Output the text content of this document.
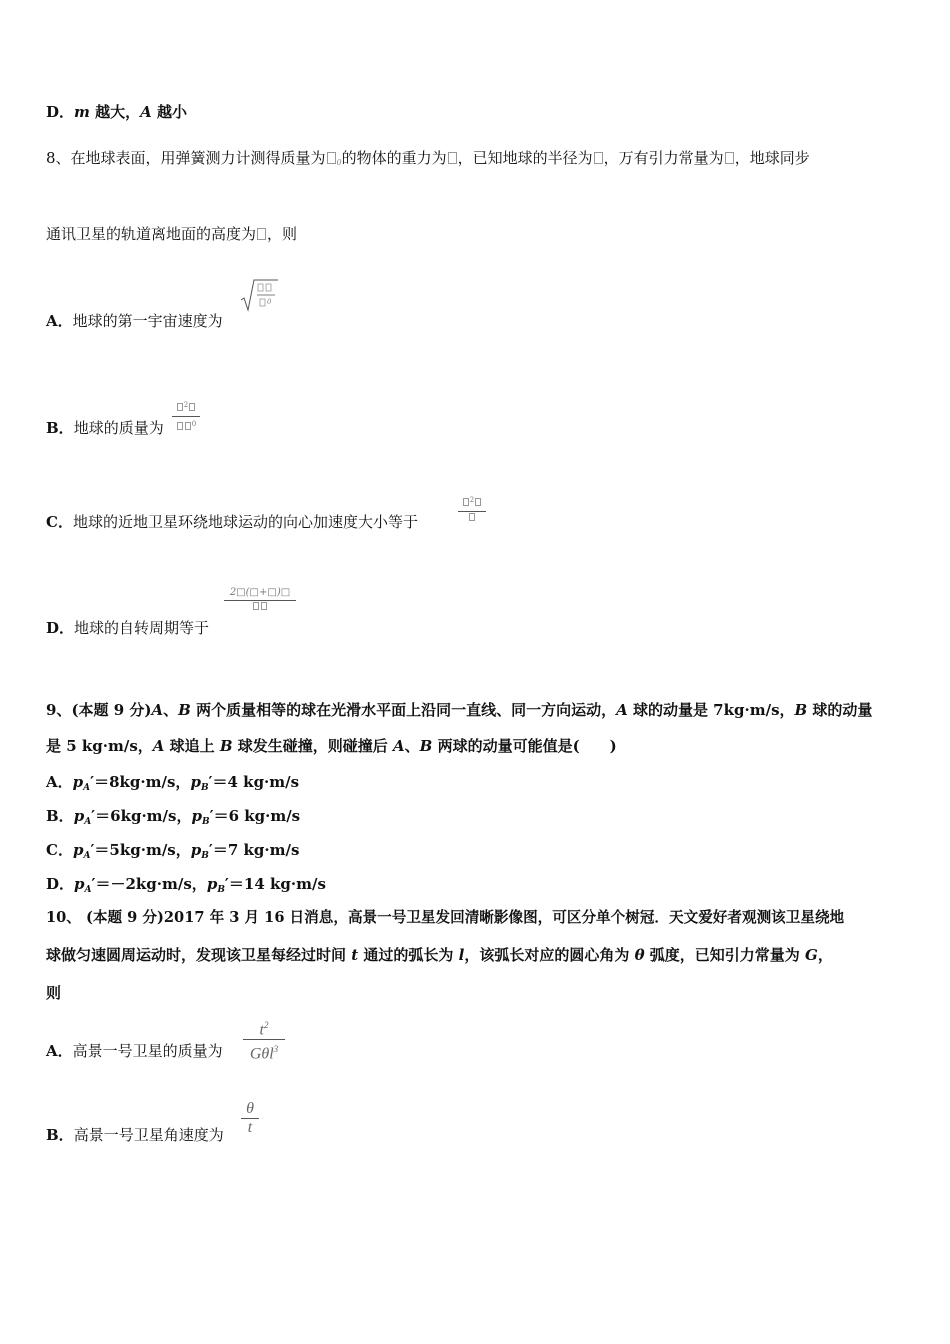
D．m 越大，A 越小
8、在地球表面，用弹簧测力计测得质量为 0的物体的重力为 ，已知地球的半径为 ，万有引力常量为 ，地球同步
通讯卫星的轨道离地面的高度为 ，则
A．地球的第一宇宙速度为
0
B．地球的质量为
$^2$
$^0$
C．地球的近地卫星环绕地球运动的向心加速度大小等于
$^2$
D．地球的自转周期等于
2□(□+□)□
9、(本题 9 分)A、B 两个质量相等的球在光滑水平面上沿同一直线、同一方向运动，A 球的动量是 7kg·m/s，B 球的动量
是 5 kg·m/s，A 球追上 B 球发生碰撞，则碰撞后 A、B 两球的动量可能值是(　　)
A．$p_A'=8kg\cdot m/s$，$p_B'=4$ kg·m/s
B．$p_A'=6kg\cdot m/s$，$p_B'=6$ kg·m/s
C．$p_A'=5kg\cdot m/s$，$p_B'=7$ kg·m/s
D．$p_A'=-2kg\cdot m/s$，$p_B'=14$ kg·m/s
10、 (本题 9 分)2017 年 3 月 16 日消息，高景一号卫星发回清晰影像图，可区分单个树冠．天文爱好者观测该卫星绕地
球做匀速圆周运动时，发现该卫星每经过时间 t 通过的弧长为 l，该弧长对应的圆心角为 θ 弧度，已知引力常量为 G，
则
A．高景一号卫星的质量为
$t^2$
Gθl$^3$
B．高景一号卫星角速度为
θ
t
